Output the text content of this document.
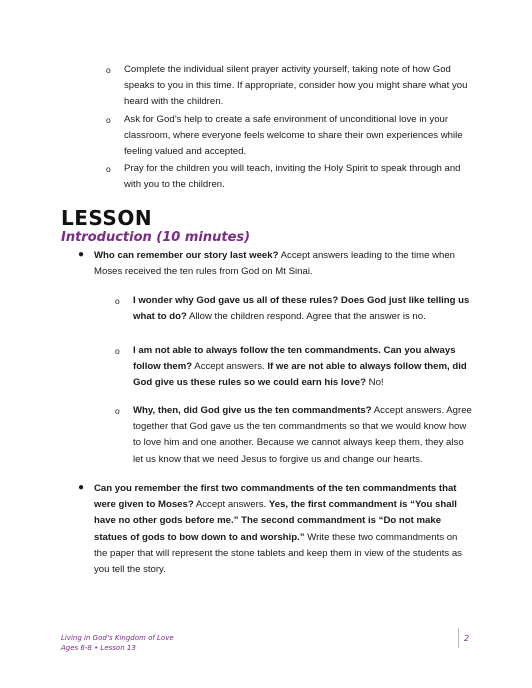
o Complete the individual silent prayer activity yourself, taking note of how God
speaks to you in this time. If appropriate, consider how you might share what you
heard with the children.
o Ask for God’s help to create a safe environment of unconditional love in your
classroom, where everyone feels welcome to share their own experiences while
feeling valued and accepted.
o Pray for the children you will teach, inviting the Holy Spirit to speak through and
with you to the children.
LESSON
Introduction (10 minutes)
● Who can remember our story last week? Accept answers leading to the time when
Moses received the ten rules from God on Mt Sinai.
o I wonder why God gave us all of these rules? Does God just like telling us
what to do? Allow the children respond. Agree that the answer is no.
o I am not able to always follow the ten commandments. Can you always
follow them? Accept answers. If we are not able to always follow them, did
God give us these rules so we could earn his love? No!
o Why, then, did God give us the ten commandments? Accept answers. Agree
together that God gave us the ten commandments so that we would know how
to love him and one another. Because we cannot always keep them, they also
let us know that we need Jesus to forgive us and change our hearts.
● Can you remember the first two commandments of the ten commandments that
were given to Moses? Accept answers. Yes, the first commandment is “You shall
have no other gods before me.” The second commandment is “Do not make
statues of gods to bow down to and worship.” Write these two commandments on
the paper that will represent the stone tablets and keep them in view of the students as
you tell the story.
Living in God’s Kingdom of Love
Ages 6-8 • Lesson 13
2
